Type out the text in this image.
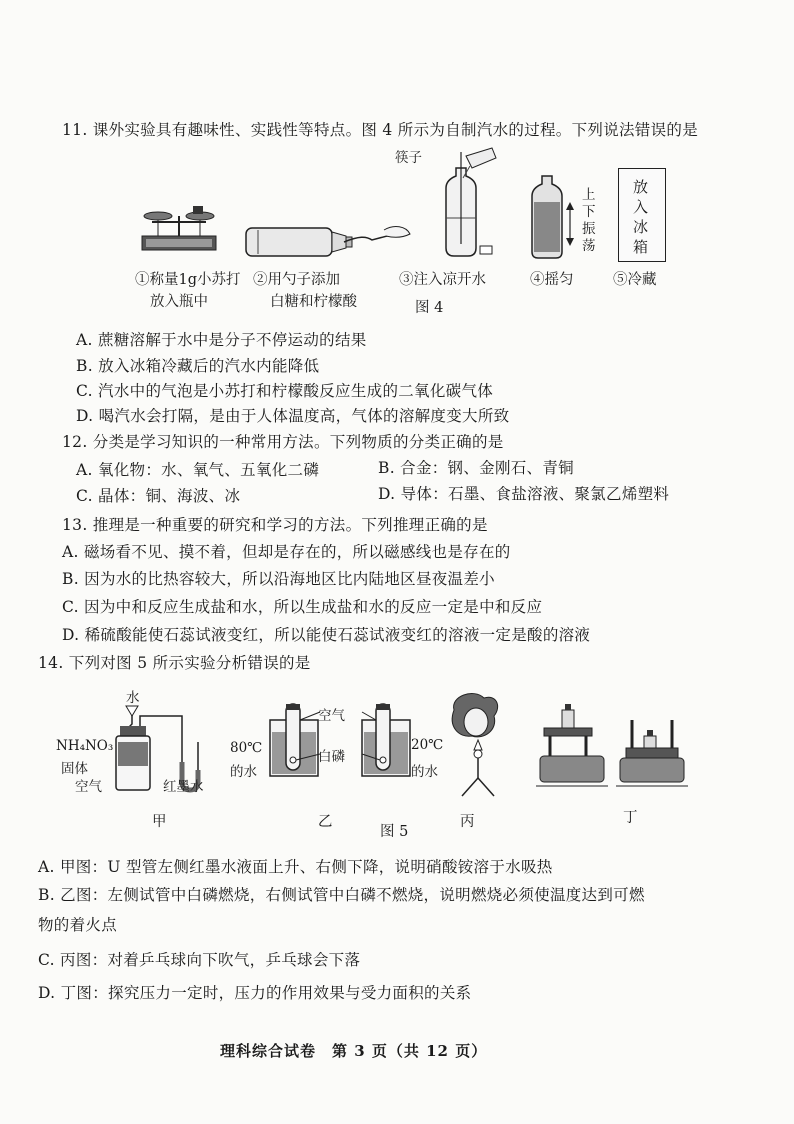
11. 课外实验具有趣味性、实践性等特点。图 4 所示为自制汽水的过程。下列说法错误的是
①称量1g小苏打
放入瓶中
②用勺子添加
白糖和柠檬酸
筷子
③注入凉开水
上下振荡
④摇匀
放入冰箱
⑤冷藏
图 4
A. 蔗糖溶解于水中是分子不停运动的结果
B. 放入冰箱冷藏后的汽水内能降低
C. 汽水中的气泡是小苏打和柠檬酸反应生成的二氧化碳气体
D. 喝汽水会打隔，是由于人体温度高，气体的溶解度变大所致
12. 分类是学习知识的一种常用方法。下列物质的分类正确的是
A. 氧化物：水、氧气、五氧化二磷	B. 合金：钢、金刚石、青铜
C. 晶体：铜、海波、冰	D. 导体：石墨、食盐溶液、聚氯乙烯塑料
13. 推理是一种重要的研究和学习的方法。下列推理正确的是
A. 磁场看不见、摸不着，但却是存在的，所以磁感线也是存在的
B. 因为水的比热容较大，所以沿海地区比内陆地区昼夜温差小
C. 因为中和反应生成盐和水，所以生成盐和水的反应一定是中和反应
D. 稀硫酸能使石蕊试液变红，所以能使石蕊试液变红的溶液一定是酸的溶液
14. 下列对图 5 所示实验分析错误的是
水
NH₄NO₃
固体
空气	红墨水
甲
空气
白磷
80℃
的水
20℃
的水
乙
图 5
丙	丁
A. 甲图：U 型管左侧红墨水液面上升、右侧下降，说明硝酸铵溶于水吸热
B. 乙图：左侧试管中白磷燃烧，右侧试管中白磷不燃烧，说明燃烧必须使温度达到可燃
物的着火点
C. 丙图：对着乒乓球向下吹气，乒乓球会下落
D. 丁图：探究压力一定时，压力的作用效果与受力面积的关系
理科综合试卷　第 3 页（共 12 页）
